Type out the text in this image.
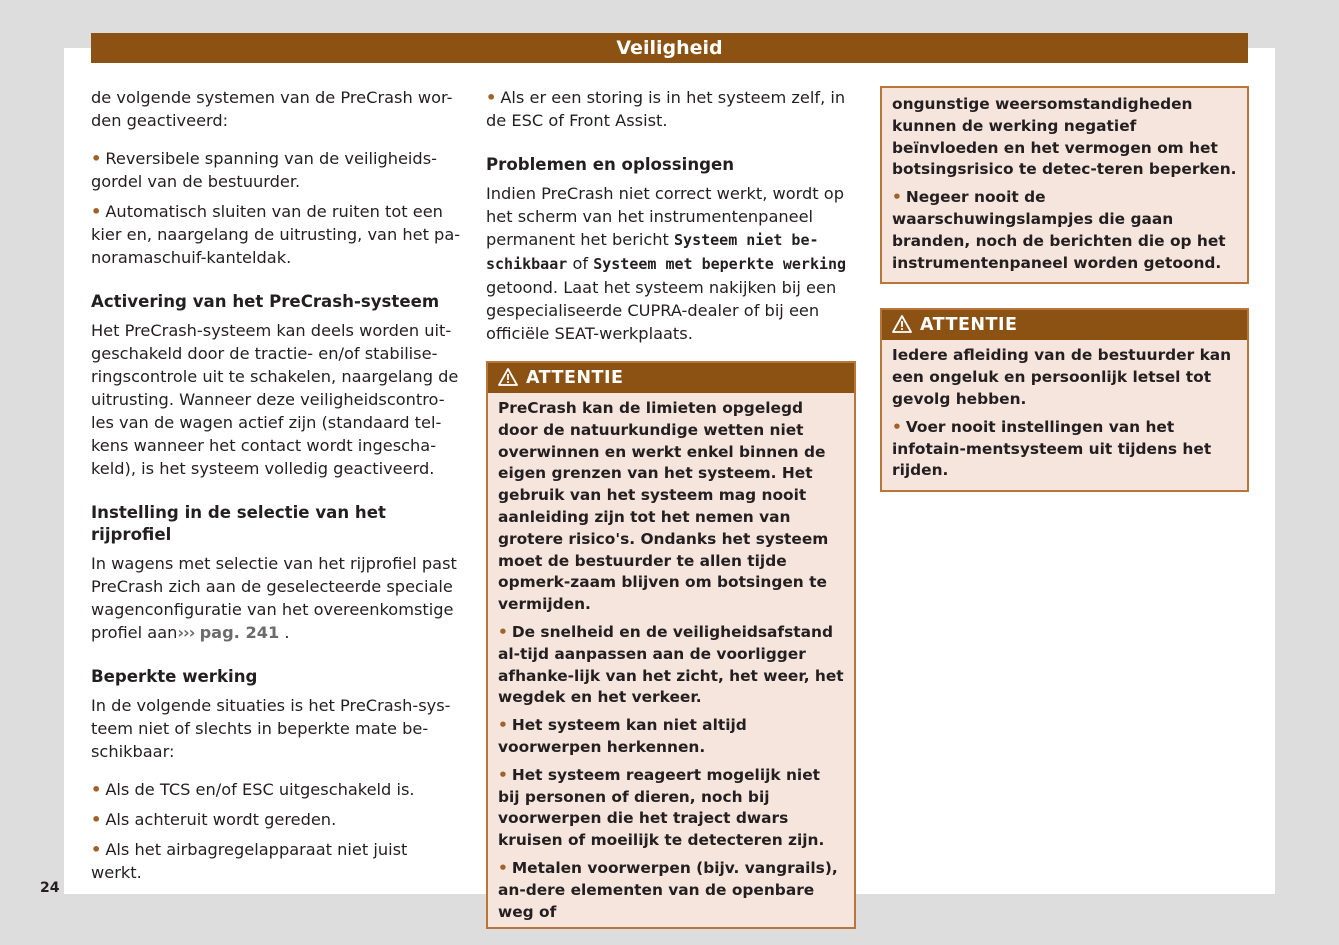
Veiligheid

de volgende systemen van de PreCrash wor-den geactiveerd:

• Reversibele spanning van de veiligheids-gordel van de bestuurder.

• Automatisch sluiten van de ruiten tot een kier en, naargelang de uitrusting, van het pa-noramaschuif-kanteldak.

Activering van het PreCrash-systeem

Het PreCrash-systeem kan deels worden uit-geschakeld door de tractie- en/of stabilise-ringscontrole uit te schakelen, naargelang de uitrusting. Wanneer deze veiligheidscontro-les van de wagen actief zijn (standaard tel-kens wanneer het contact wordt ingescha-keld), is het systeem volledig geactiveerd.

Instelling in de selectie van het rijprofiel

In wagens met selectie van het rijprofiel past PreCrash zich aan de geselecteerde speciale wagenconfiguratie van het overeenkomstige profiel aan››› pag. 241 .

Beperkte werking

In de volgende situaties is het PreCrash-sys-teem niet of slechts in beperkte mate be-schikbaar:

• Als de TCS en/of ESC uitgeschakeld is.

• Als achteruit wordt gereden.

• Als het airbagregelapparaat niet juist werkt.

• Als er een storing is in het systeem zelf, in de ESC of Front Assist.

Problemen en oplossingen

Indien PreCrash niet correct werkt, wordt op het scherm van het instrumentenpaneel permanent het bericht Systeem niet be-schikbaar of Systeem met beperkte werking getoond. Laat het systeem nakijken bij een gespecialiseerde CUPRA-dealer of bij een officiële SEAT-werkplaats.

ATTENTIE

PreCrash kan de limieten opgelegd door de natuurkundige wetten niet overwinnen en werkt enkel binnen de eigen grenzen van het systeem. Het gebruik van het systeem mag nooit aanleiding zijn tot het nemen van grotere risico's. Ondanks het systeem moet de bestuurder te allen tijde opmerk-zaam blijven om botsingen te vermijden.

• De snelheid en de veiligheidsafstand al-tijd aanpassen aan de voorligger afhanke-lijk van het zicht, het weer, het wegdek en het verkeer.

• Het systeem kan niet altijd voorwerpen herkennen.

• Het systeem reageert mogelijk niet bij personen of dieren, noch bij voorwerpen die het traject dwars kruisen of moeilijk te detecteren zijn.

• Metalen voorwerpen (bijv. vangrails), an-dere elementen van de openbare weg of

ongunstige weersomstandigheden kunnen de werking negatief beïnvloeden en het vermogen om het botsingsrisico te detec-teren beperken.

• Negeer nooit de waarschuwingslampjes die gaan branden, noch de berichten die op het instrumentenpaneel worden getoond.

ATTENTIE

Iedere afleiding van de bestuurder kan een ongeluk en persoonlijk letsel tot gevolg hebben.

• Voer nooit instellingen van het infotain-mentsysteem uit tijdens het rijden.

24
